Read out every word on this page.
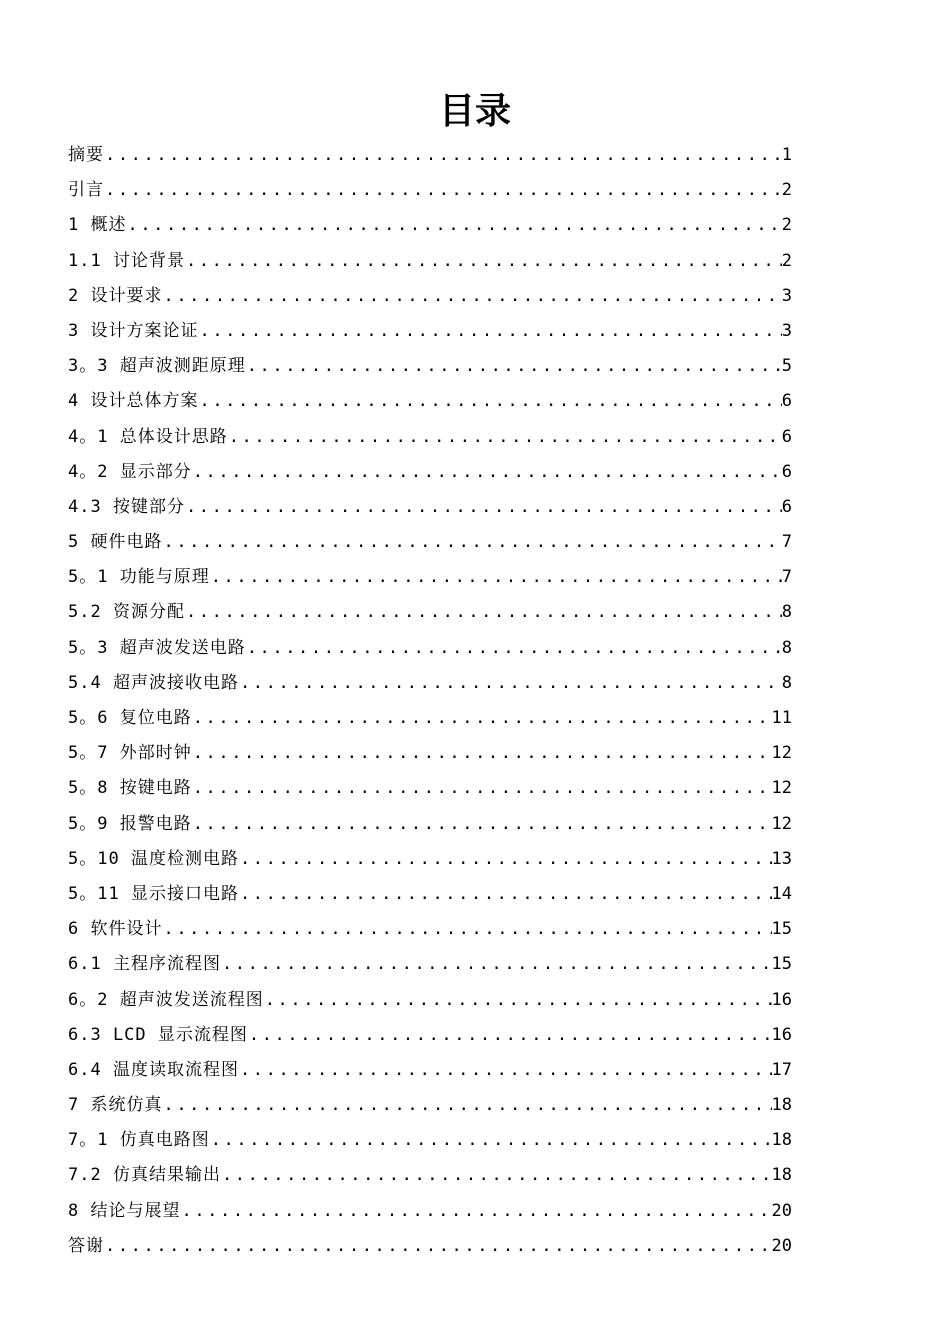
目录
摘要 .....	1
引言 .....	2
1 概述 .....	2
1.1 讨论背景 .....	2
2 设计要求 .....	3
3 设计方案论证 .....	3
3。3 超声波测距原理 .....	5
4 设计总体方案 .....	6
4。1 总体设计思路 .....	6
4。2 显示部分 .....	6
4.3 按键部分 .....	6
5 硬件电路 .....	7
5。1 功能与原理 .....	7
5.2 资源分配 .....	8
5。3 超声波发送电路 .....	8
5.4 超声波接收电路 .....	8
5。6 复位电路 .....	11
5。7 外部时钟 .....	12
5。8 按键电路 .....	12
5。9 报警电路 .....	12
5。10 温度检测电路 .....	13
5。11 显示接口电路 .....	14
6 软件设计 .....	15
6.1 主程序流程图 .....	15
6。2 超声波发送流程图 .....	16
6.3 LCD 显示流程图 .....	16
6.4 温度读取流程图 .....	17
7 系统仿真 .....	18
7。1 仿真电路图 .....	18
7.2 仿真结果输出 .....	18
8 结论与展望 .....	20
答谢 .....	20
